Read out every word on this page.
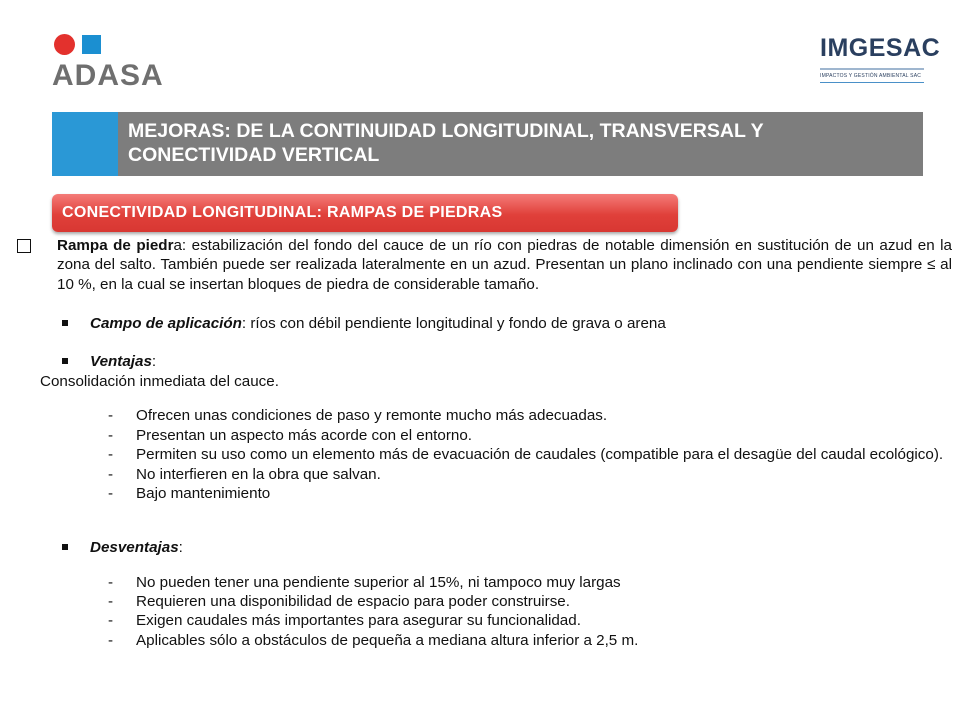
ADASA
IMGESAC
IMPACTOS Y GESTIÓN AMBIENTAL SAC
MEJORAS: DE LA CONTINUIDAD LONGITUDINAL, TRANSVERSAL Y
CONECTIVIDAD VERTICAL
CONECTIVIDAD LONGITUDINAL: RAMPAS DE PIEDRAS
Rampa de piedra: estabilización del fondo del cauce de un río con piedras de notable dimensión en sustitución de un azud en la zona del salto. También puede ser realizada lateralmente en un azud. Presentan un plano inclinado con una pendiente siempre ≤ al 10 %, en la cual se insertan bloques de piedra de considerable tamaño.
Campo de aplicación: ríos con débil pendiente longitudinal y fondo de grava o arena
Ventajas:
Consolidación inmediata del cauce.
- Ofrecen unas condiciones de paso y remonte mucho más adecuadas.
- Presentan un aspecto más acorde con el entorno.
- Permiten su uso como un elemento más de evacuación de caudales (compatible para el desagüe del caudal ecológico).
- No interfieren en la obra que salvan.
- Bajo mantenimiento
Desventajas:
- No pueden tener una pendiente superior al 15%, ni tampoco muy largas
- Requieren una disponibilidad de espacio para poder construirse.
- Exigen caudales más importantes para asegurar su funcionalidad.
- Aplicables sólo a obstáculos de pequeña a mediana altura inferior a 2,5 m.
